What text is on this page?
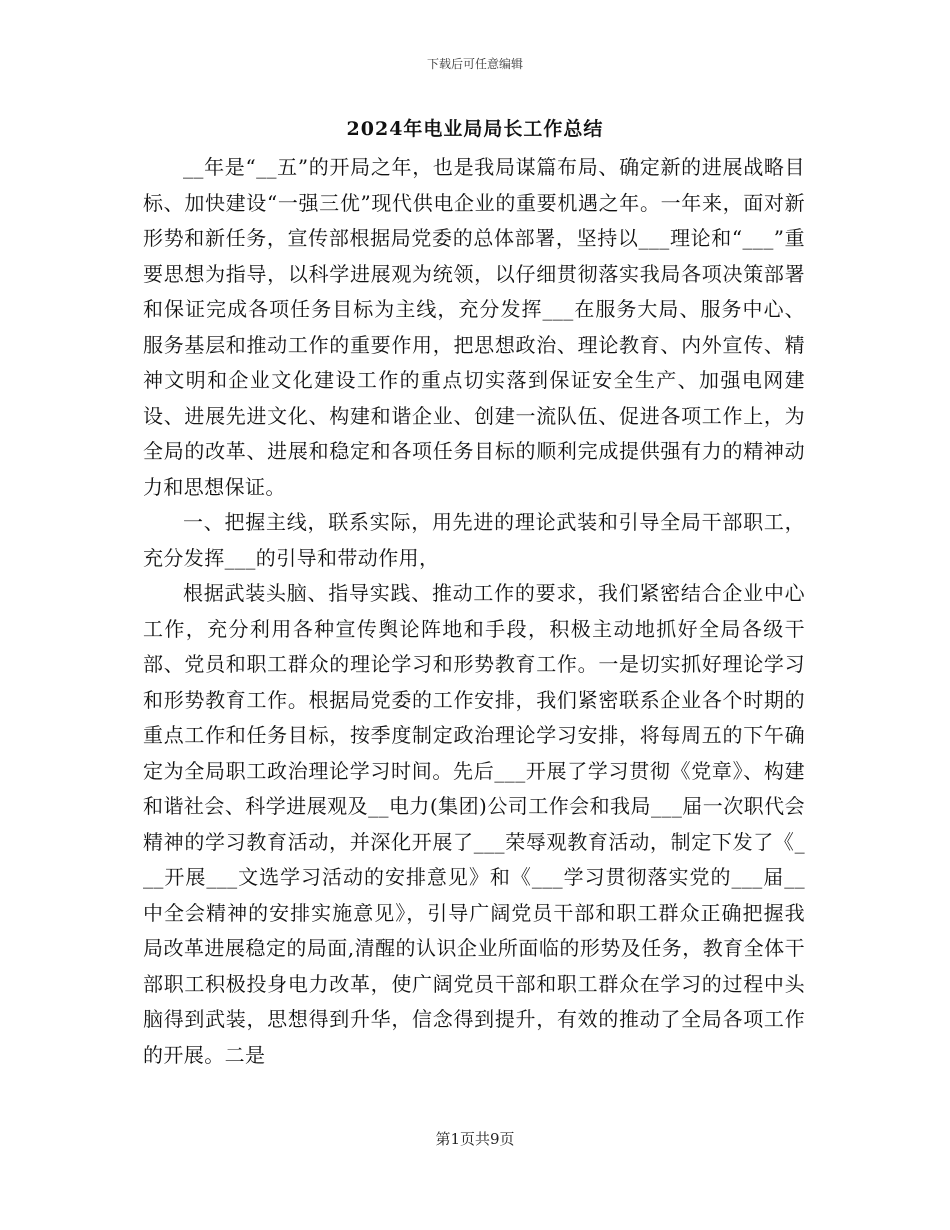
下载后可任意编辑
2024年电业局局长工作总结

__年是“__五”的开局之年，也是我局谋篇布局、确定新的进展战略目标、加快建设“一强三优”现代供电企业的重要机遇之年。一年来，面对新形势和新任务，宣传部根据局党委的总体部署，坚持以___理论和“___”重要思想为指导，以科学进展观为统领，以仔细贯彻落实我局各项决策部署和保证完成各项任务目标为主线，充分发挥___在服务大局、服务中心、服务基层和推动工作的重要作用，把思想政治、理论教育、内外宣传、精神文明和企业文化建设工作的重点切实落到保证安全生产、加强电网建设、进展先进文化、构建和谐企业、创建一流队伍、促进各项工作上，为全局的改革、进展和稳定和各项任务目标的顺利完成提供强有力的精神动力和思想保证。

一、把握主线，联系实际，用先进的理论武装和引导全局干部职工，充分发挥___的引导和带动作用，

根据武装头脑、指导实践、推动工作的要求，我们紧密结合企业中心工作，充分利用各种宣传舆论阵地和手段，积极主动地抓好全局各级干部、党员和职工群众的理论学习和形势教育工作。一是切实抓好理论学习和形势教育工作。根据局党委的工作安排，我们紧密联系企业各个时期的重点工作和任务目标，按季度制定政治理论学习安排，将每周五的下午确定为全局职工政治理论学习时间。先后___开展了学习贯彻《党章》、构建和谐社会、科学进展观及__电力(集团)公司工作会和我局___届一次职代会精神的学习教育活动，并深化开展了___荣辱观教育活动，制定下发了《___开展___文选学习活动的安排意见》和《___学习贯彻落实党的___届__中全会精神的安排实施意见》，引导广阔党员干部和职工群众正确把握我局改革进展稳定的局面,清醒的认识企业所面临的形势及任务，教育全体干部职工积极投身电力改革，使广阔党员干部和职工群众在学习的过程中头脑得到武装，思想得到升华，信念得到提升，有效的推动了全局各项工作的开展。二是

第1页共9页
